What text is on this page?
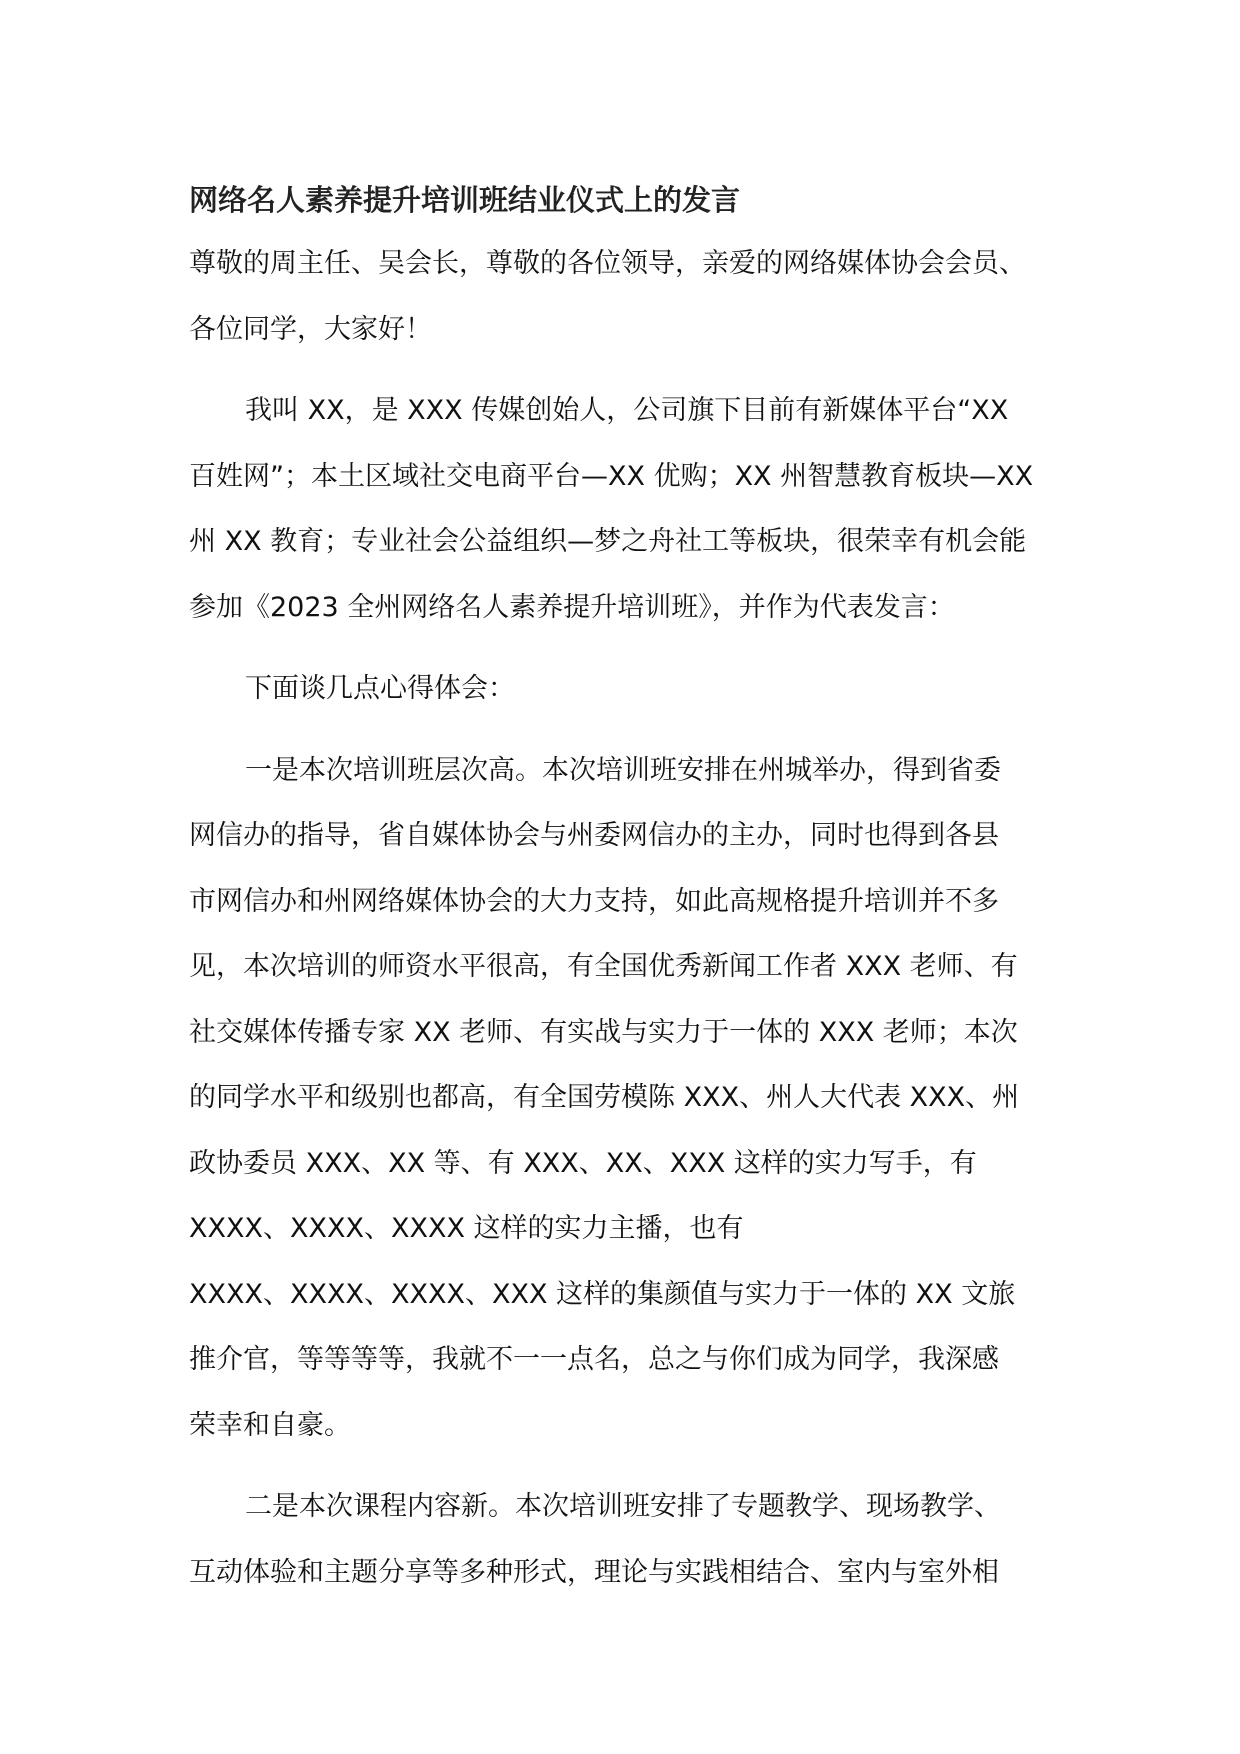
网络名人素养提升培训班结业仪式上的发言

尊敬的周主任、吴会长，尊敬的各位领导，亲爱的网络媒体协会会员、
各位同学，大家好！

我叫 XX，是 XXX 传媒创始人，公司旗下目前有新媒体平台“XX
百姓网”；本土区域社交电商平台—XX 优购；XX 州智慧教育板块—XX
州 XX 教育；专业社会公益组织—梦之舟社工等板块，很荣幸有机会能
参加《2023 全州网络名人素养提升培训班》，并作为代表发言：

下面谈几点心得体会：

一是本次培训班层次高。本次培训班安排在州城举办，得到省委
网信办的指导，省自媒体协会与州委网信办的主办，同时也得到各县
市网信办和州网络媒体协会的大力支持，如此高规格提升培训并不多
见，本次培训的师资水平很高，有全国优秀新闻工作者 XXX 老师、有
社交媒体传播专家 XX 老师、有实战与实力于一体的 XXX 老师；本次
的同学水平和级别也都高，有全国劳模陈 XXX、州人大代表 XXX、州
政协委员 XXX、XX 等、有 XXX、XX、XXX 这样的实力写手，有
XXXX、XXXX、XXXX 这样的实力主播，也有
XXXX、XXXX、XXXX、XXX 这样的集颜值与实力于一体的 XX 文旅
推介官，等等等等，我就不一一点名，总之与你们成为同学，我深感
荣幸和自豪。

二是本次课程内容新。本次培训班安排了专题教学、现场教学、
互动体验和主题分享等多种形式，理论与实践相结合、室内与室外相
